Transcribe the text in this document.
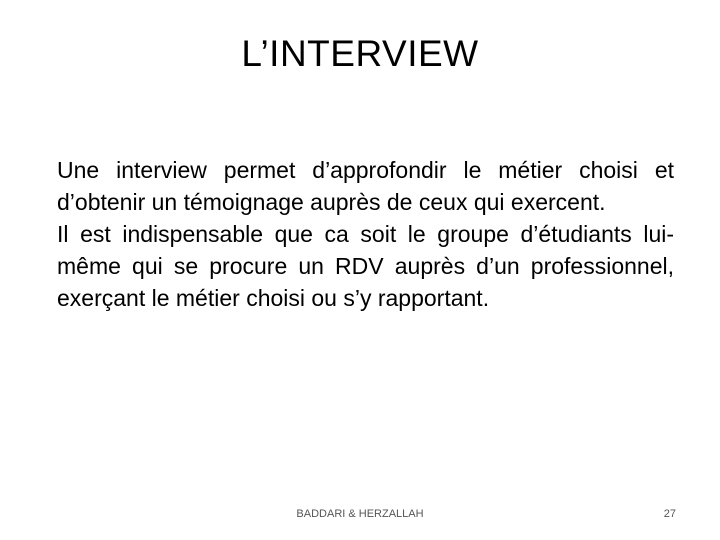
L’INTERVIEW

Une interview permet d’approfondir le métier choisi et d’obtenir un témoignage auprès de ceux qui exercent.

Il est indispensable que ca soit le groupe d’étudiants lui-même qui se procure un RDV auprès d’un professionnel, exerçant le métier choisi ou s’y rapportant.

BADDARI & HERZALLAH	27
